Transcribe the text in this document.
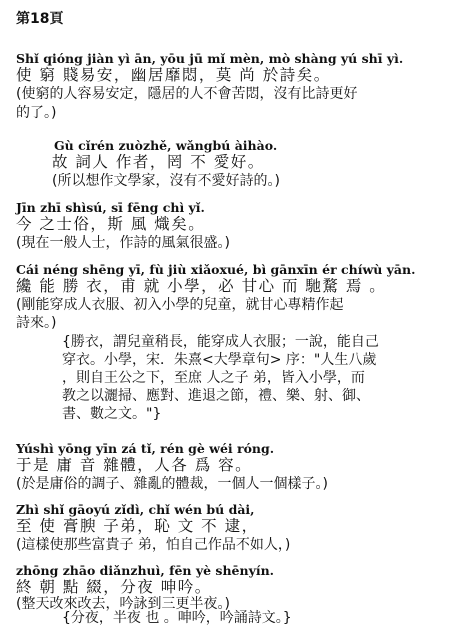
第18頁
Shǐ qióng jiàn yì ān, yōu jū mǐ mèn, mò shàng yú shī yì.
使 窮 賤易安，幽居靡悶，莫 尚 於詩矣。
(使窮的人容易安定，隱居的人不會苦悶，沒有比詩更好
的了。)
Gù cǐrén zuòzhě, wǎngbú àihào.
故 詞人 作者，罔 不 愛好。
(所以想作文學家，沒有不愛好詩的。)
Jīn zhī shìsú, sī fēng chì yǐ.
今 之士俗，斯 風 熾矣。
(現在一般人士，作詩的風氣很盛。)
Cái néng shēng yī, fù jiù xiǎoxué, bì gānxīn ér chíwù yān.
纔 能 勝 衣，甫 就 小學，必 甘心 而 馳騖 焉 。
(剛能穿成人衣服、初入小學的兒童，就甘心專精作起
詩來。)
{勝衣，謂兒童稍長，能穿成人衣服；一說，能自己
穿衣。小學，宋．朱熹<大學章句> 序："人生八歲
，則自王公之下，至庶 人之子 弟，皆入小學，而
教之以灑掃、應對、進退之節，禮、樂、射、御、
書、數之文。"}
Yúshì yōng yīn zá tǐ, rén gè wéi róng.
于是 庸 音 雜體，人各 爲 容。
(於是庸俗的調子、雜亂的體裁，一個人一個樣子。)
Zhì shǐ gāoyú zǐdì, chǐ wén bú dài,
至 使 膏腴 子弟，恥 文 不 逮，
(這樣使那些富貴子 弟，怕自己作品不如人，)
zhōng zhāo diǎnzhuì, fēn yè shēnyín.
終 朝 點 綴，分夜 呻吟。
(整天改來改去，吟詠到三更半夜。)
{分夜，半夜 也 。呻吟，吟誦詩文。}
